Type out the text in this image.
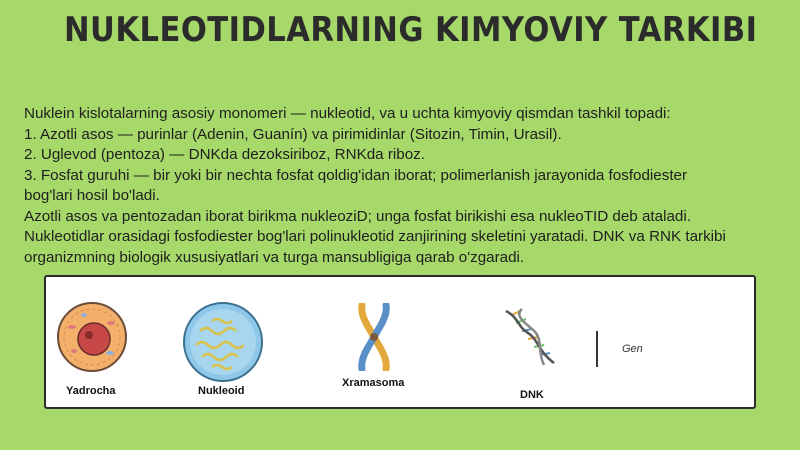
NUKLEOTIDLARNING KIMYOVIY TARKIBI
Nuklein kislotalarning asosiy monomeri — nukleotid, va u uchta kimyoviy qismdan tashkil topadi:
1. Azotli asos — purinlar (Adenin, Guanín) va pirimidinlar (Sitozin, Timin, Urasil).
2. Uglevod (pentoza) — DNKda dezoksiriboz, RNKda riboz.
3. Fosfat guruhi — bir yoki bir nechta fosfat qoldig'idan iborat; polimerlanish jarayonida fosfodiester
bog'lari hosil bo'ladi.
Azotli asos va pentozadan iborat birikma nukleoziD; unga fosfat birikishi esa nukleoTID deb ataladi.
Nukleotidlar orasidagi fosfodiester bog'lari polinukleotid zanjirining skeletini yaratadi. DNK va RNK tarkibi
organizmning biologik xususiyatlari va turga mansubligiga qarab o'zgaradi.
Yadrocha	Nukleoid
Xramasoma
DNK
Gen
